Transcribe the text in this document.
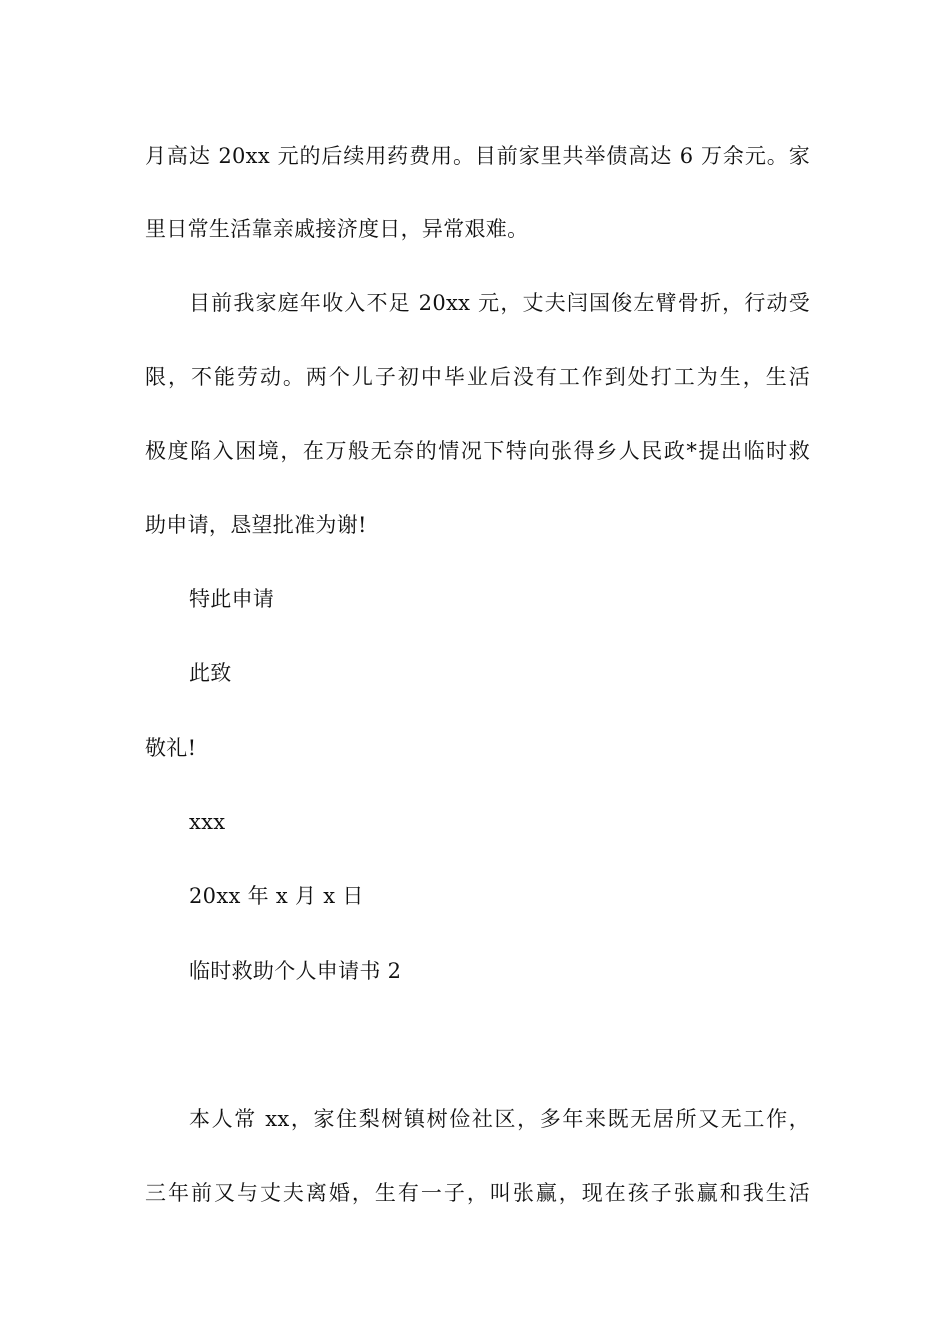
月高达 20xx 元的后续用药费用。目前家里共举债高达 6 万余元。家
里日常生活靠亲戚接济度日，异常艰难。
目前我家庭年收入不足 20xx 元，丈夫闫国俊左臂骨折，行动受
限，不能劳动。两个儿子初中毕业后没有工作到处打工为生，生活
极度陷入困境，在万般无奈的情况下特向张得乡人民政*提出临时救
助申请，恳望批准为谢!
特此申请
此致
敬礼!
xxx
20xx 年 x 月 x 日
临时救助个人申请书 2
本人常 xx，家住梨树镇树俭社区，多年来既无居所又无工作，
三年前又与丈夫离婚，生有一子，叫张赢，现在孩子张赢和我生活
